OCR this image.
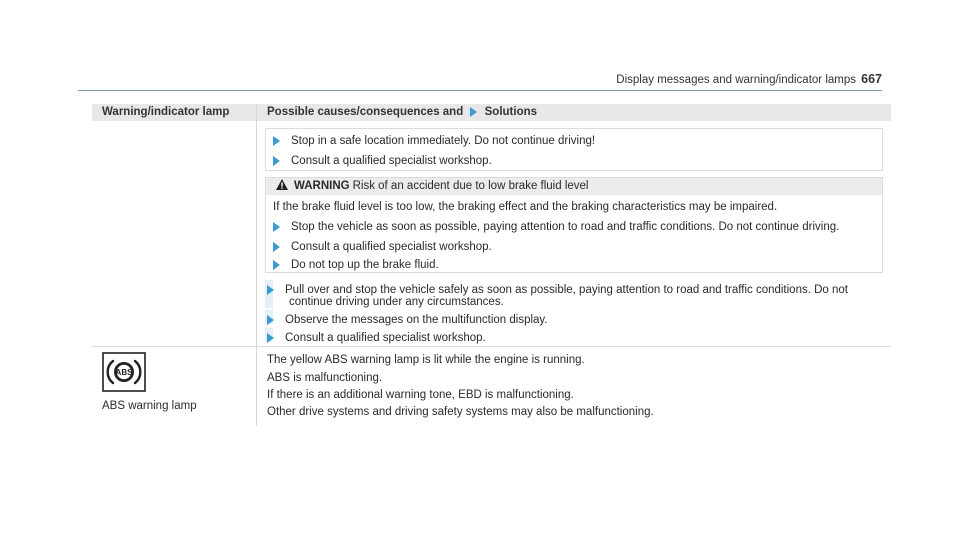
Display messages and warning/indicator lamps 667
Warning/indicator lamp	Possible causes/consequences and Solutions
Stop in a safe location immediately. Do not continue driving!
Consult a qualified specialist workshop.
WARNING Risk of an accident due to low brake fluid level
If the brake fluid level is too low, the braking effect and the braking characteristics may be impaired.
Stop the vehicle as soon as possible, paying attention to road and traffic conditions. Do not continue driving.
Consult a qualified specialist workshop.
Do not top up the brake fluid.
Pull over and stop the vehicle safely as soon as possible, paying attention to road and traffic conditions. Do not
continue driving under any circumstances.
Observe the messages on the multifunction display.
Consult a qualified specialist workshop.
The yellow ABS warning lamp is lit while the engine is running.
ABS is malfunctioning.
If there is an additional warning tone, EBD is malfunctioning.
Other drive systems and driving safety systems may also be malfunctioning.
ABS
ABS warning lamp
